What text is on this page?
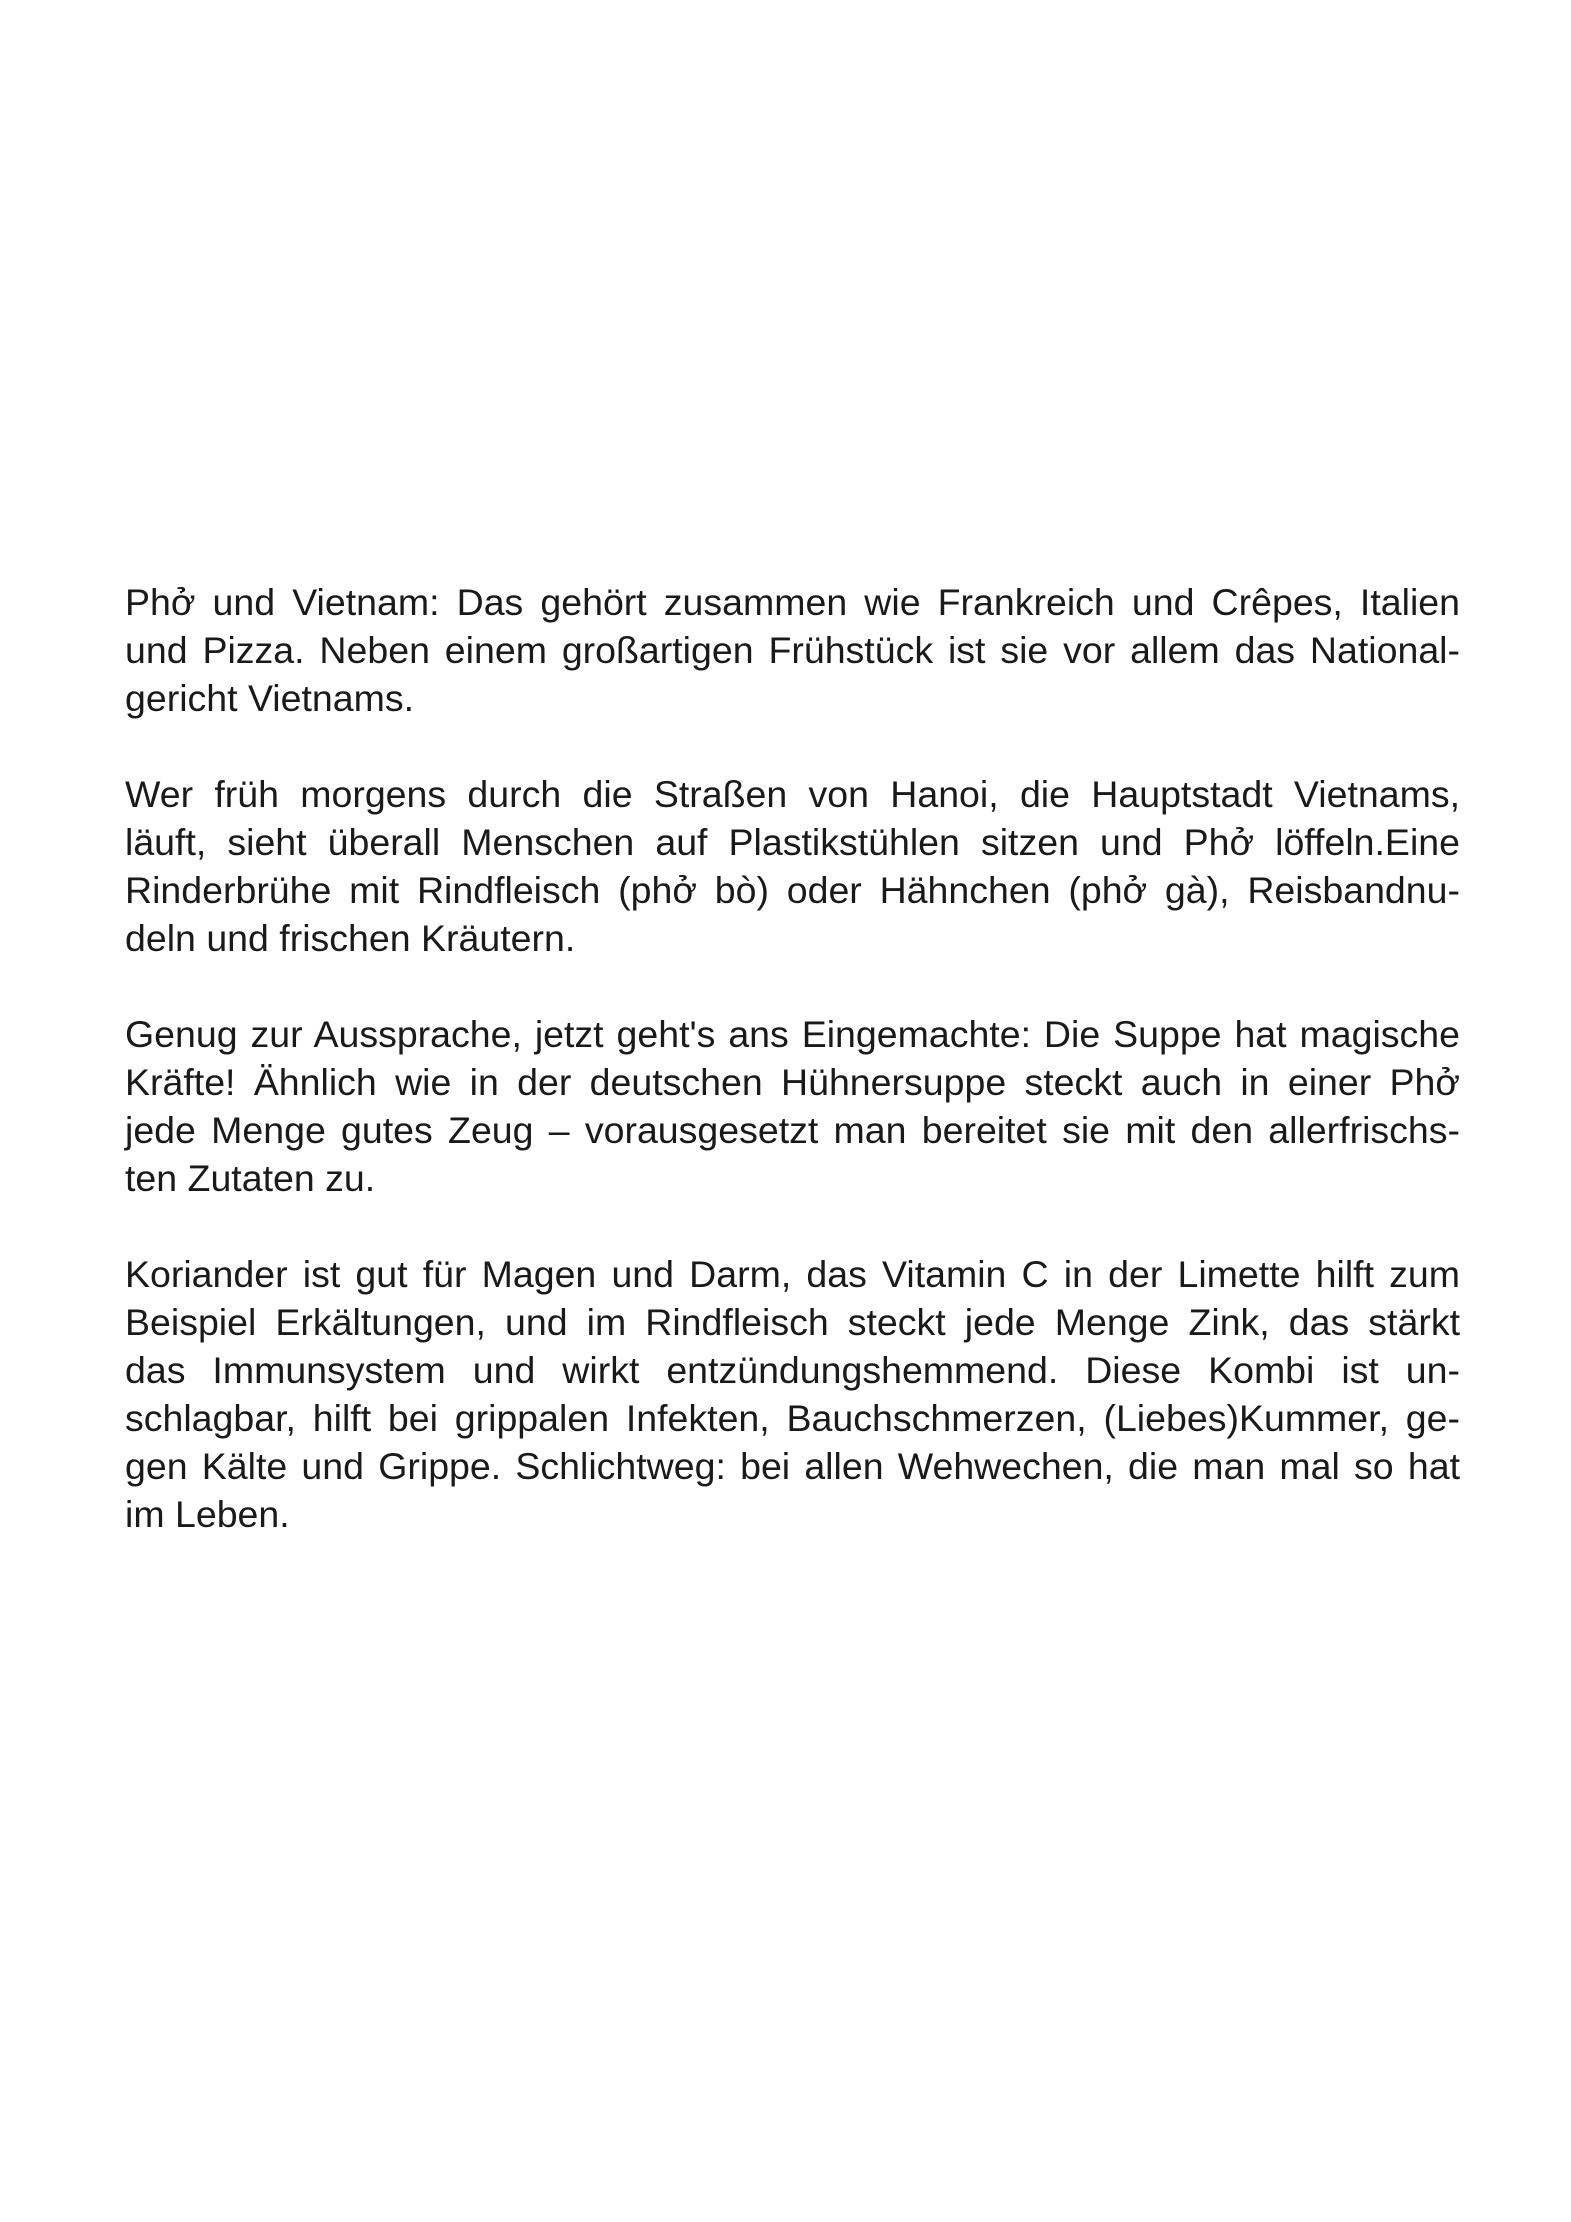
Phở und Vietnam: Das gehört zusammen wie Frankreich und Crêpes, Italien
und Pizza. Neben einem großartigen Frühstück ist sie vor allem das National-
gericht Vietnams.

Wer früh morgens durch die Straßen von Hanoi, die Hauptstadt Vietnams,
läuft, sieht überall Menschen auf Plastikstühlen sitzen und Phở löffeln.Eine
Rinderbrühe mit Rindfleisch (phở bò) oder Hähnchen (phở gà), Reisbandnu-
deln und frischen Kräutern.

Genug zur Aussprache, jetzt geht's ans Eingemachte: Die Suppe hat magische
Kräfte! Ähnlich wie in der deutschen Hühnersuppe steckt auch in einer Phở
jede Menge gutes Zeug – vorausgesetzt man bereitet sie mit den allerfrischs-
ten Zutaten zu.

Koriander ist gut für Magen und Darm, das Vitamin C in der Limette hilft zum
Beispiel Erkältungen, und im Rindfleisch steckt jede Menge Zink, das stärkt
das Immunsystem und wirkt entzündungshemmend. Diese Kombi ist un-
schlagbar, hilft bei grippalen Infekten, Bauchschmerzen, (Liebes)Kummer, ge-
gen Kälte und Grippe. Schlichtweg: bei allen Wehwechen, die man mal so hat
im Leben.
